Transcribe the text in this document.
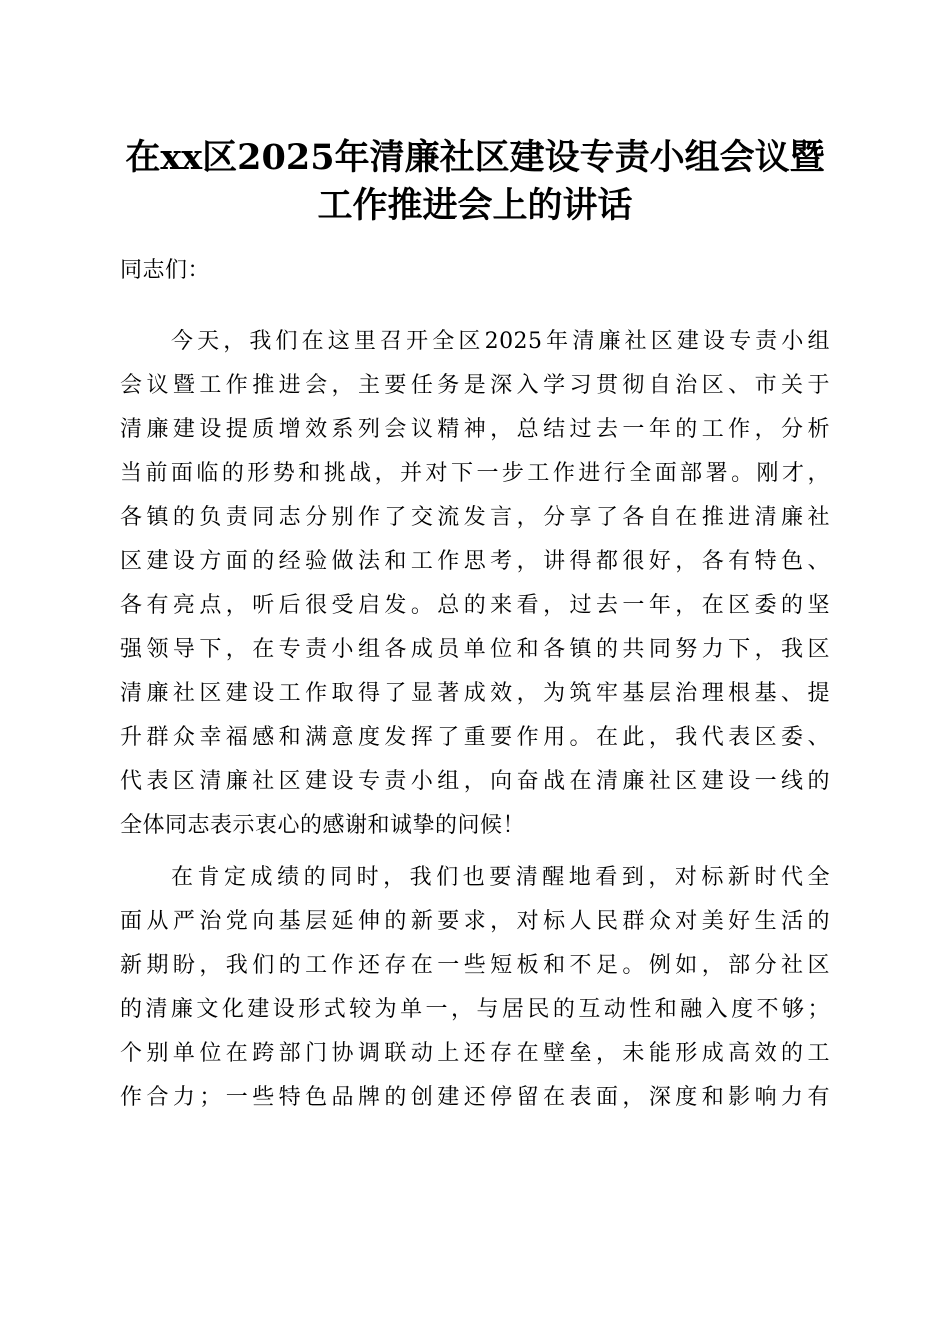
在xx区2025年清廉社区建设专责小组会议暨
工作推进会上的讲话
同志们：
今天，我们在这里召开全区2025年清廉社区建设专责小组
会议暨工作推进会，主要任务是深入学习贯彻自治区、市关于
清廉建设提质增效系列会议精神，总结过去一年的工作，分析
当前面临的形势和挑战，并对下一步工作进行全面部署。刚才，
各镇的负责同志分别作了交流发言，分享了各自在推进清廉社
区建设方面的经验做法和工作思考，讲得都很好，各有特色、
各有亮点，听后很受启发。总的来看，过去一年，在区委的坚
强领导下，在专责小组各成员单位和各镇的共同努力下，我区
清廉社区建设工作取得了显著成效，为筑牢基层治理根基、提
升群众幸福感和满意度发挥了重要作用。在此，我代表区委、
代表区清廉社区建设专责小组，向奋战在清廉社区建设一线的
全体同志表示衷心的感谢和诚挚的问候！
在肯定成绩的同时，我们也要清醒地看到，对标新时代全
面从严治党向基层延伸的新要求，对标人民群众对美好生活的
新期盼，我们的工作还存在一些短板和不足。例如，部分社区
的清廉文化建设形式较为单一，与居民的互动性和融入度不够；
个别单位在跨部门协调联动上还存在壁垒，未能形成高效的工
作合力；一些特色品牌的创建还停留在表面，深度和影响力有
